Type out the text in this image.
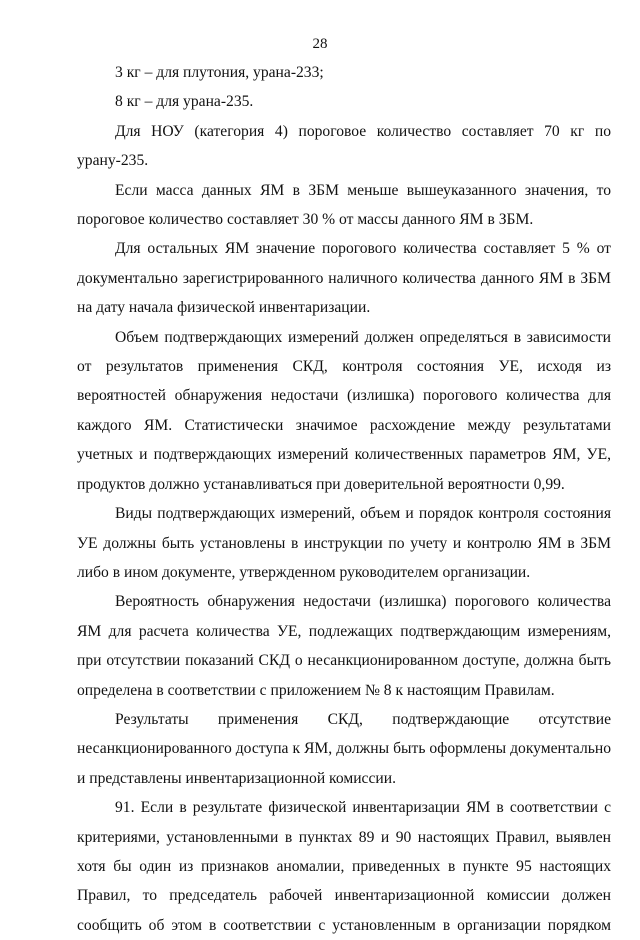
28

3 кг – для плутония, урана-233;

8 кг – для урана-235.

Для НОУ (категория 4) пороговое количество составляет 70 кг по урану-235.

Если масса данных ЯМ в ЗБМ меньше вышеуказанного значения, то пороговое количество составляет 30 % от массы данного ЯМ в ЗБМ.

Для остальных ЯМ значение порогового количества составляет 5 % от документально зарегистрированного наличного количества данного ЯМ в ЗБМ на дату начала физической инвентаризации.

Объем подтверждающих измерений должен определяться в зависимости от результатов применения СКД, контроля состояния УЕ, исходя из вероятностей обнаружения недостачи (излишка) порогового количества для каждого ЯМ. Статистически значимое расхождение между результатами учетных и подтверждающих измерений количественных параметров ЯМ, УЕ, продуктов должно устанавливаться при доверительной вероятности 0,99.

Виды подтверждающих измерений, объем и порядок контроля состояния УЕ должны быть установлены в инструкции по учету и контролю ЯМ в ЗБМ либо в ином документе, утвержденном руководителем организации.

Вероятность обнаружения недостачи (излишка) порогового количества ЯМ для расчета количества УЕ, подлежащих подтверждающим измерениям, при отсутствии показаний СКД о несанкционированном доступе, должна быть определена в соответствии с приложением № 8 к настоящим Правилам.

Результаты применения СКД, подтверждающие отсутствие несанкционированного доступа к ЯМ, должны быть оформлены документально и представлены инвентаризационной комиссии.

91. Если в результате физической инвентаризации ЯМ в соответствии с критериями, установленными в пунктах 89 и 90 настоящих Правил, выявлен хотя бы один из признаков аномалии, приведенных в пункте 95 настоящих Правил, то председатель рабочей инвентаризационной комиссии должен сообщить об этом в соответствии с установленным в организации порядком
